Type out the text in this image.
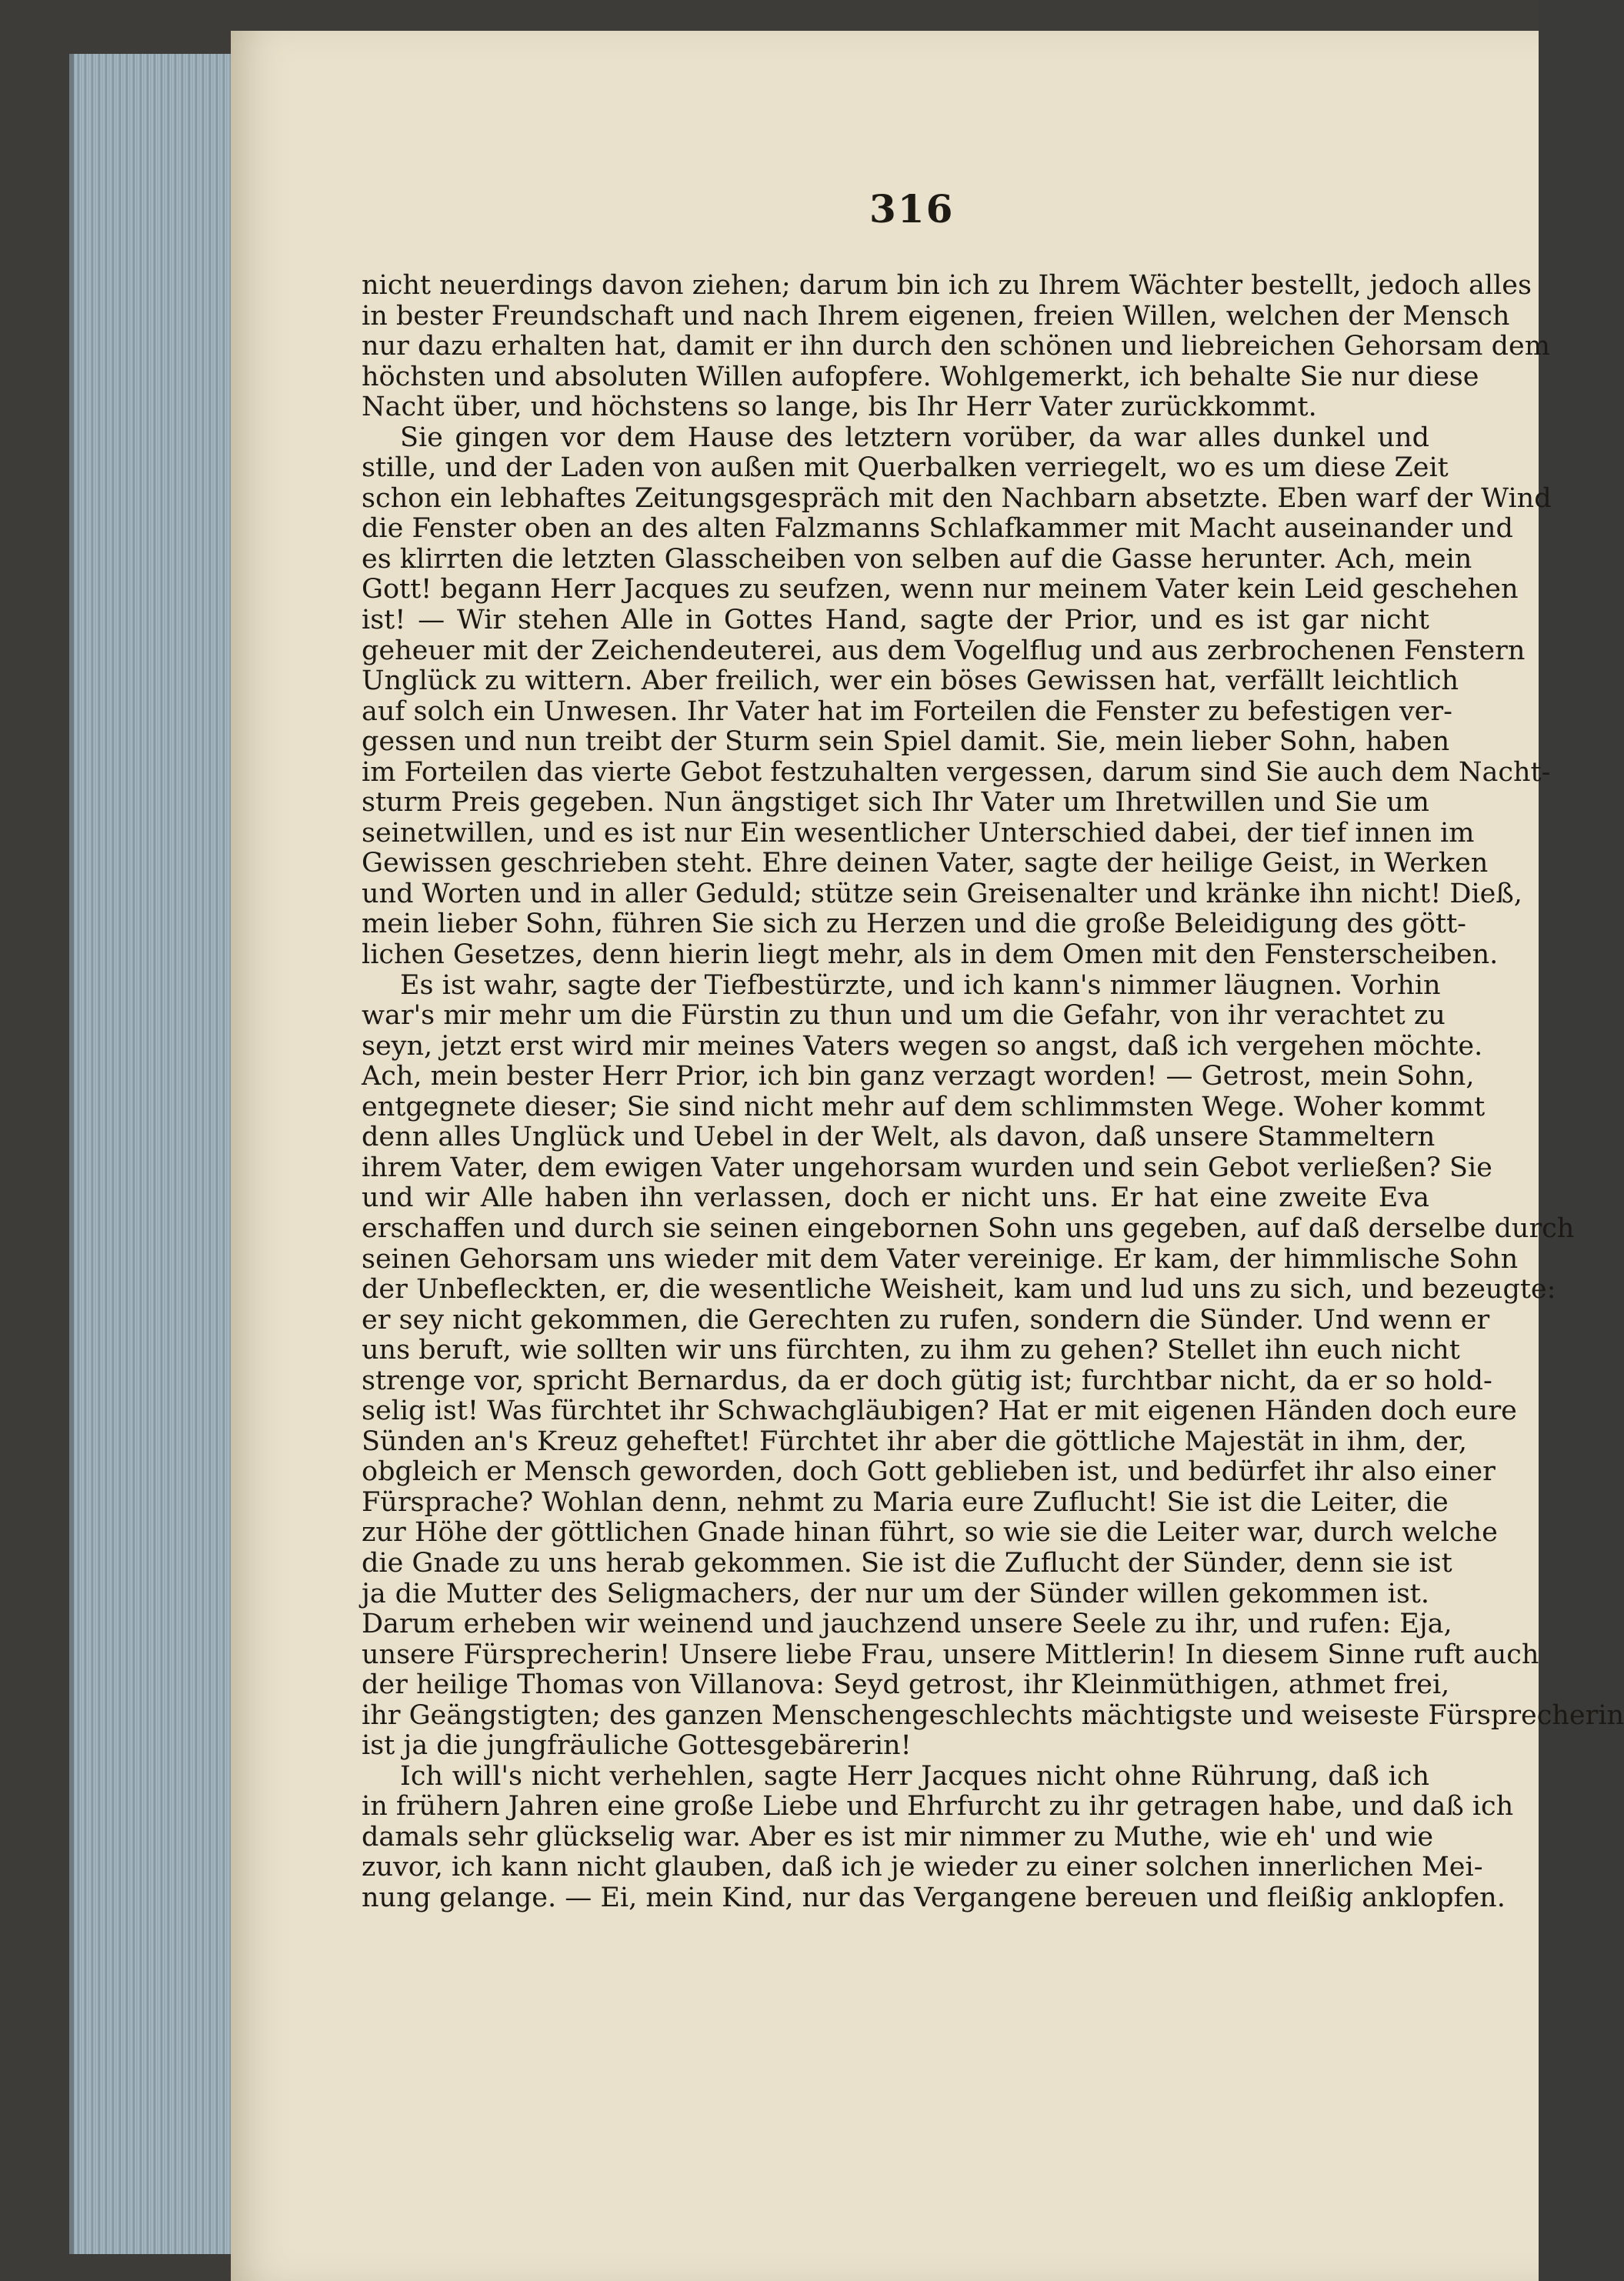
316
nicht neuerdings davon ziehen; darum bin ich zu Ihrem Wächter bestellt, jedoch alles
in bester Freundschaft und nach Ihrem eigenen, freien Willen, welchen der Mensch
nur dazu erhalten hat, damit er ihn durch den schönen und liebreichen Gehorsam dem
höchsten und absoluten Willen aufopfere. Wohlgemerkt, ich behalte Sie nur diese
Nacht über, und höchstens so lange, bis Ihr Herr Vater zurückkommt.
Sie gingen vor dem Hause des letztern vorüber, da war alles dunkel und
stille, und der Laden von außen mit Querbalken verriegelt, wo es um diese Zeit
schon ein lebhaftes Zeitungsgespräch mit den Nachbarn absetzte. Eben warf der Wind
die Fenster oben an des alten Falzmanns Schlafkammer mit Macht auseinander und
es klirrten die letzten Glasscheiben von selben auf die Gasse herunter. Ach, mein
Gott! begann Herr Jacques zu seufzen, wenn nur meinem Vater kein Leid geschehen
ist! — Wir stehen Alle in Gottes Hand, sagte der Prior, und es ist gar nicht
geheuer mit der Zeichendeuterei, aus dem Vogelflug und aus zerbrochenen Fenstern
Unglück zu wittern. Aber freilich, wer ein böses Gewissen hat, verfällt leichtlich
auf solch ein Unwesen. Ihr Vater hat im Forteilen die Fenster zu befestigen ver-
gessen und nun treibt der Sturm sein Spiel damit. Sie, mein lieber Sohn, haben
im Forteilen das vierte Gebot festzuhalten vergessen, darum sind Sie auch dem Nacht-
sturm Preis gegeben. Nun ängstiget sich Ihr Vater um Ihretwillen und Sie um
seinetwillen, und es ist nur Ein wesentlicher Unterschied dabei, der tief innen im
Gewissen geschrieben steht. Ehre deinen Vater, sagte der heilige Geist, in Werken
und Worten und in aller Geduld; stütze sein Greisenalter und kränke ihn nicht! Dieß,
mein lieber Sohn, führen Sie sich zu Herzen und die große Beleidigung des gött-
lichen Gesetzes, denn hierin liegt mehr, als in dem Omen mit den Fensterscheiben.
Es ist wahr, sagte der Tiefbestürzte, und ich kann's nimmer läugnen. Vorhin
war's mir mehr um die Fürstin zu thun und um die Gefahr, von ihr verachtet zu
seyn, jetzt erst wird mir meines Vaters wegen so angst, daß ich vergehen möchte.
Ach, mein bester Herr Prior, ich bin ganz verzagt worden! — Getrost, mein Sohn,
entgegnete dieser; Sie sind nicht mehr auf dem schlimmsten Wege. Woher kommt
denn alles Unglück und Uebel in der Welt, als davon, daß unsere Stammeltern
ihrem Vater, dem ewigen Vater ungehorsam wurden und sein Gebot verließen? Sie
und wir Alle haben ihn verlassen, doch er nicht uns. Er hat eine zweite Eva
erschaffen und durch sie seinen eingebornen Sohn uns gegeben, auf daß derselbe durch
seinen Gehorsam uns wieder mit dem Vater vereinige. Er kam, der himmlische Sohn
der Unbefleckten, er, die wesentliche Weisheit, kam und lud uns zu sich, und bezeugte:
er sey nicht gekommen, die Gerechten zu rufen, sondern die Sünder. Und wenn er
uns beruft, wie sollten wir uns fürchten, zu ihm zu gehen? Stellet ihn euch nicht
strenge vor, spricht Bernardus, da er doch gütig ist; furchtbar nicht, da er so hold-
selig ist! Was fürchtet ihr Schwachgläubigen? Hat er mit eigenen Händen doch eure
Sünden an's Kreuz geheftet! Fürchtet ihr aber die göttliche Majestät in ihm, der,
obgleich er Mensch geworden, doch Gott geblieben ist, und bedürfet ihr also einer
Fürsprache? Wohlan denn, nehmt zu Maria eure Zuflucht! Sie ist die Leiter, die
zur Höhe der göttlichen Gnade hinan führt, so wie sie die Leiter war, durch welche
die Gnade zu uns herab gekommen. Sie ist die Zuflucht der Sünder, denn sie ist
ja die Mutter des Seligmachers, der nur um der Sünder willen gekommen ist.
Darum erheben wir weinend und jauchzend unsere Seele zu ihr, und rufen: Eja,
unsere Fürsprecherin! Unsere liebe Frau, unsere Mittlerin! In diesem Sinne ruft auch
der heilige Thomas von Villanova: Seyd getrost, ihr Kleinmüthigen, athmet frei,
ihr Geängstigten; des ganzen Menschengeschlechts mächtigste und weiseste Fürsprecherin
ist ja die jungfräuliche Gottesgebärerin!
Ich will's nicht verhehlen, sagte Herr Jacques nicht ohne Rührung, daß ich
in frühern Jahren eine große Liebe und Ehrfurcht zu ihr getragen habe, und daß ich
damals sehr glückselig war. Aber es ist mir nimmer zu Muthe, wie eh' und wie
zuvor, ich kann nicht glauben, daß ich je wieder zu einer solchen innerlichen Mei-
nung gelange. — Ei, mein Kind, nur das Vergangene bereuen und fleißig anklopfen.
